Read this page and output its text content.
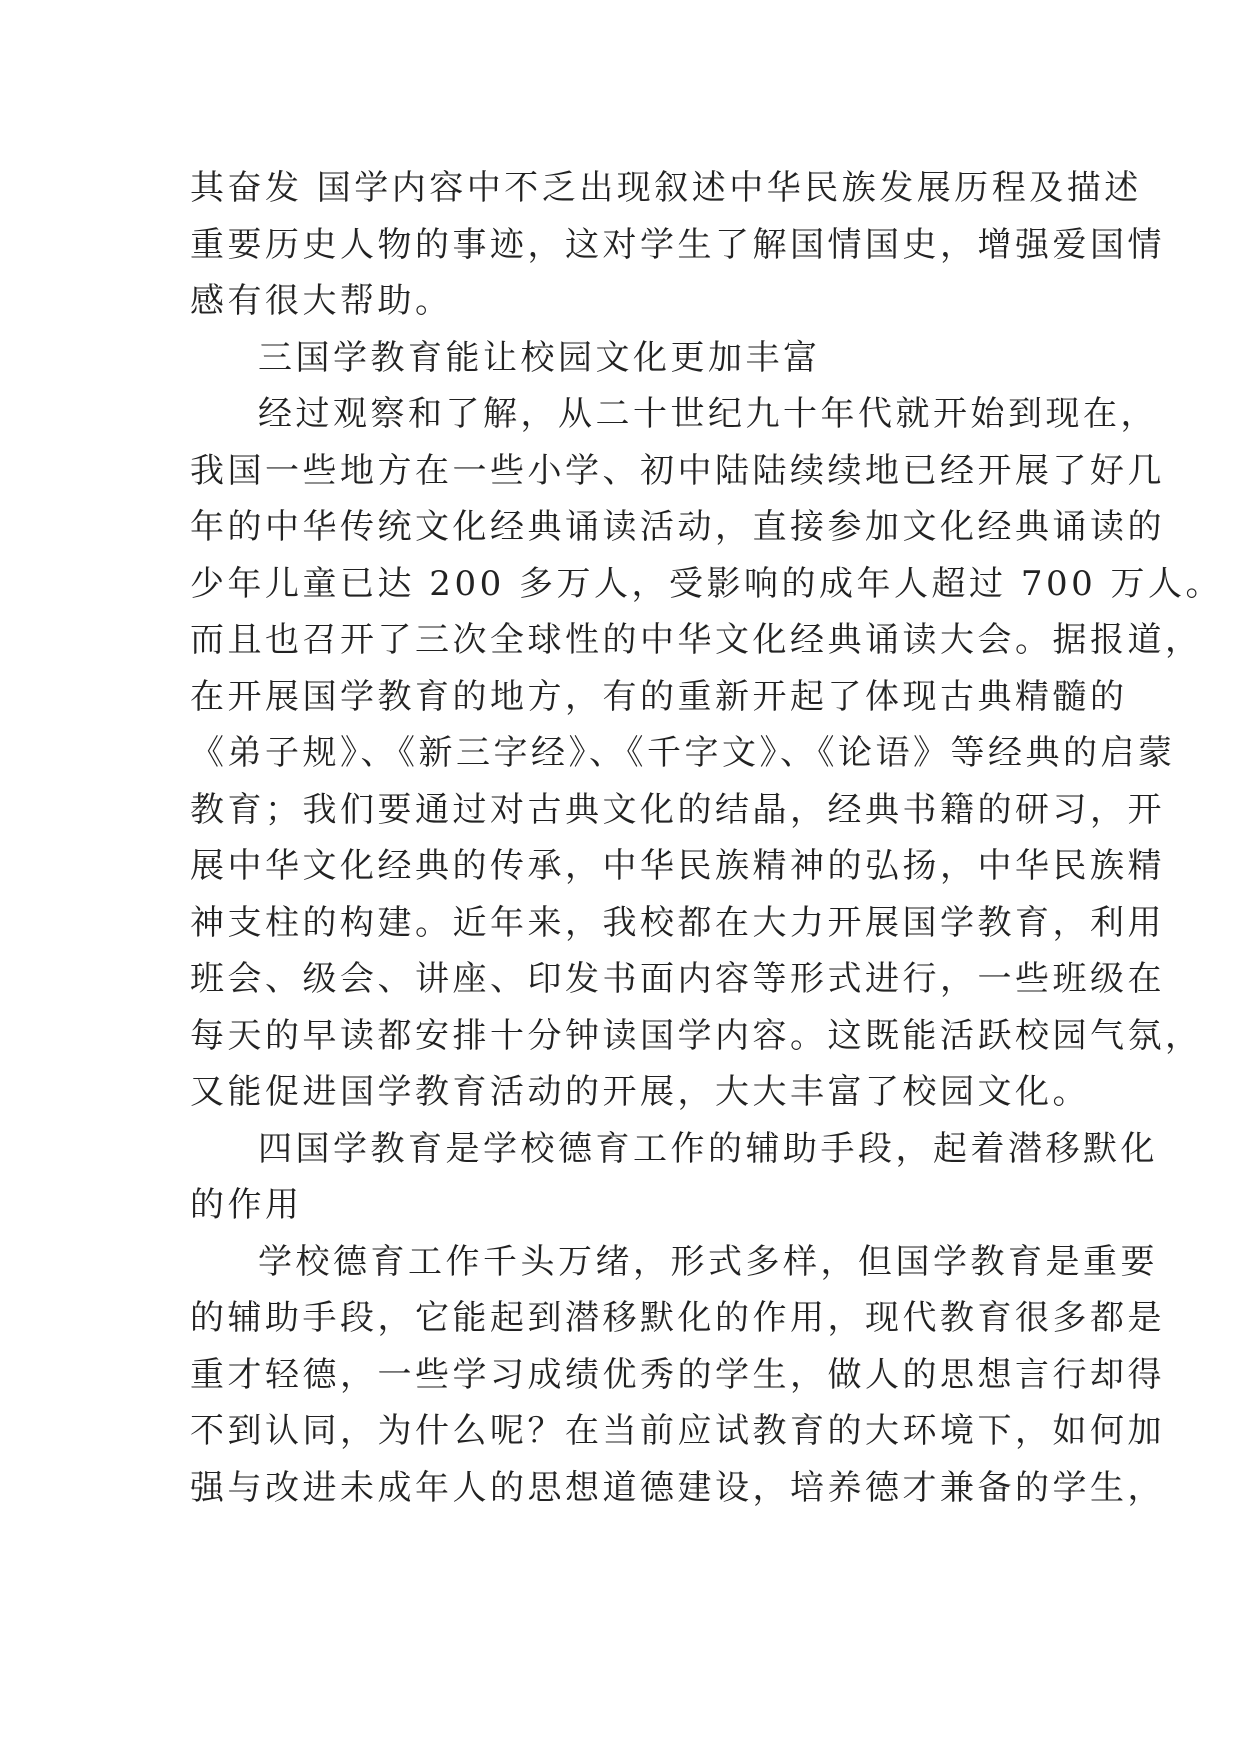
其奋发 国学内容中不乏出现叙述中华民族发展历程及描述

重要历史人物的事迹，这对学生了解国情国史，增强爱国情

感有很大帮助。

三国学教育能让校园文化更加丰富

经过观察和了解，从二十世纪九十年代就开始到现在，

我国一些地方在一些小学、初中陆陆续续地已经开展了好几

年的中华传统文化经典诵读活动，直接参加文化经典诵读的

少年儿童已达 200 多万人，受影响的成年人超过 700 万人。

而且也召开了三次全球性的中华文化经典诵读大会。据报道，

在开展国学教育的地方，有的重新开起了体现古典精髓的

《弟子规》、《新三字经》、《千字文》、《论语》等经典的启蒙

教育；我们要通过对古典文化的结晶，经典书籍的研习，开

展中华文化经典的传承，中华民族精神的弘扬，中华民族精

神支柱的构建。近年来，我校都在大力开展国学教育，利用

班会、级会、讲座、印发书面内容等形式进行，一些班级在

每天的早读都安排十分钟读国学内容。这既能活跃校园气氛，

又能促进国学教育活动的开展，大大丰富了校园文化。

四国学教育是学校德育工作的辅助手段，起着潜移默化

的作用

学校德育工作千头万绪，形式多样，但国学教育是重要

的辅助手段，它能起到潜移默化的作用，现代教育很多都是

重才轻德，一些学习成绩优秀的学生，做人的思想言行却得

不到认同，为什么呢？在当前应试教育的大环境下，如何加

强与改进未成年人的思想道德建设，培养德才兼备的学生，
